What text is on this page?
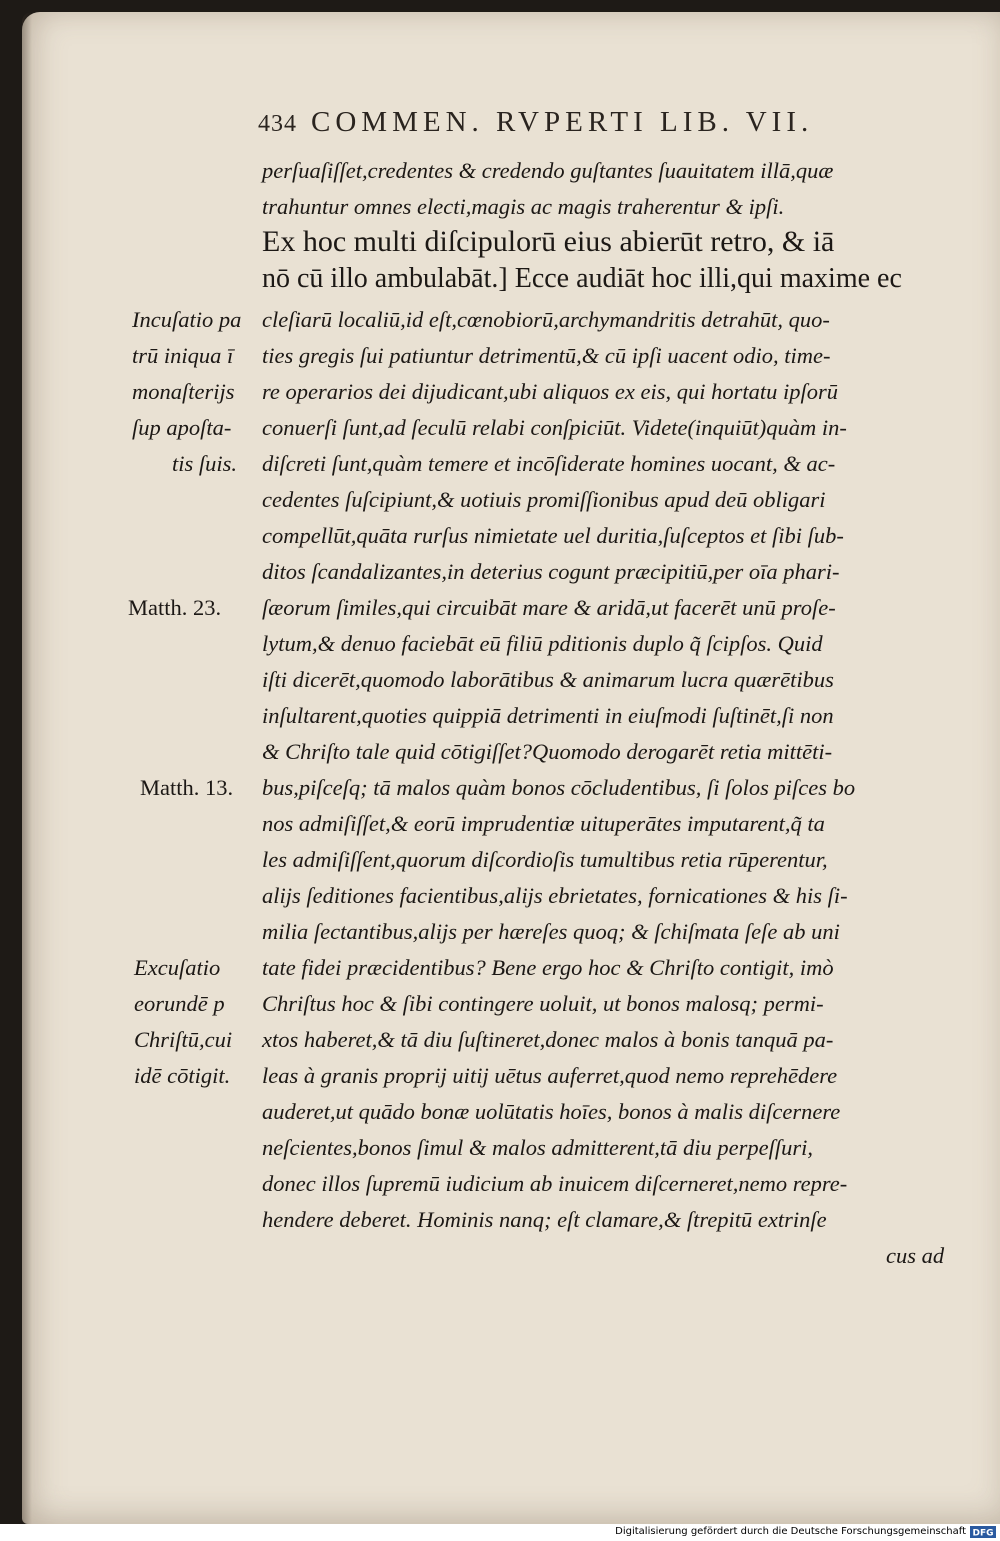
434 COMMEN. RVPERTI LIB. VII.
perſuaſiſſet,credentes & credendo guſtantes ſuauitatem illā,quæ
trahuntur omnes electi,magis ac magis traherentur & ipſi.
Ex hoc multi diſcipulorū eius abierūt retro, & iā
nō cū illo ambulabāt.] Ecce audiāt hoc illi,qui maxime ec
cleſiarū localiū,id eſt,cœnobiorū,archymandritis detrahūt, quo-
ties gregis ſui patiuntur detrimentū,& cū ipſi uacent odio, time-
re operarios dei dijudicant,ubi aliquos ex eis, qui hortatu ipſorū
conuerſi ſunt,ad ſeculū relabi conſpiciūt. Videte(inquiūt)quàm in-
diſcreti ſunt,quàm temere et incōſiderate homines uocant, & ac-
cedentes ſuſcipiunt,& uotiuis promiſſionibus apud deū obligari
compellūt,quāta rurſus nimietate uel duritia,ſuſceptos et ſibi ſub-
ditos ſcandalizantes,in deterius cogunt præcipitiū,per oīa phari-
ſæorum ſimiles,qui circuibāt mare & aridā,ut facerēt unū proſe-
lytum,& denuo faciebāt eū filiū pditionis duplo q̃ ſcipſos. Quid
iſti dicerēt,quomodo laborātibus & animarum lucra quærētibus
inſultarent,quoties quippiā detrimenti in eiuſmodi ſuſtinēt,ſi non
& Chriſto tale quid cōtigiſſet?Quomodo derogarēt retia mittēti-
bus,piſceſq; tā malos quàm bonos cōcludentibus, ſi ſolos piſces bo
nos admiſiſſet,& eorū imprudentiæ uituperātes imputarent,q̃ ta
les admiſiſſent,quorum diſcordioſis tumultibus retia rūperentur,
alijs ſeditiones facientibus,alijs ebrietates, fornicationes & his ſi-
milia ſectantibus,alijs per hæreſes quoq; & ſchiſmata ſeſe ab uni
tate fidei præcidentibus? Bene ergo hoc & Chriſto contigit, imò
Chriſtus hoc & ſibi contingere uoluit, ut bonos malosq; permi-
xtos haberet,& tā diu ſuſtineret,donec malos à bonis tanquā pa-
leas à granis proprij uitij uētus auferret,quod nemo reprehēdere
auderet,ut quādo bonæ uolūtatis hoīes, bonos à malis diſcernere
neſcientes,bonos ſimul & malos admitterent,tā diu perpeſſuri,
donec illos ſupremū iudicium ab inuicem diſcerneret,nemo repre-
hendere deberet. Hominis nanq; eſt clamare,& ſtrepitū extrinſe
cus ad
Incuſatio pa
trū iniqua ī
monaſterijs
ſup apoſta-
tis ſuis.
Matth. 23.
Matth. 13.
Excuſatio
eorundē p
Chriſtū,cui
idē cōtigit.
Digitalisierung gefördert durch die Deutsche Forschungsgemeinschaft DFG
